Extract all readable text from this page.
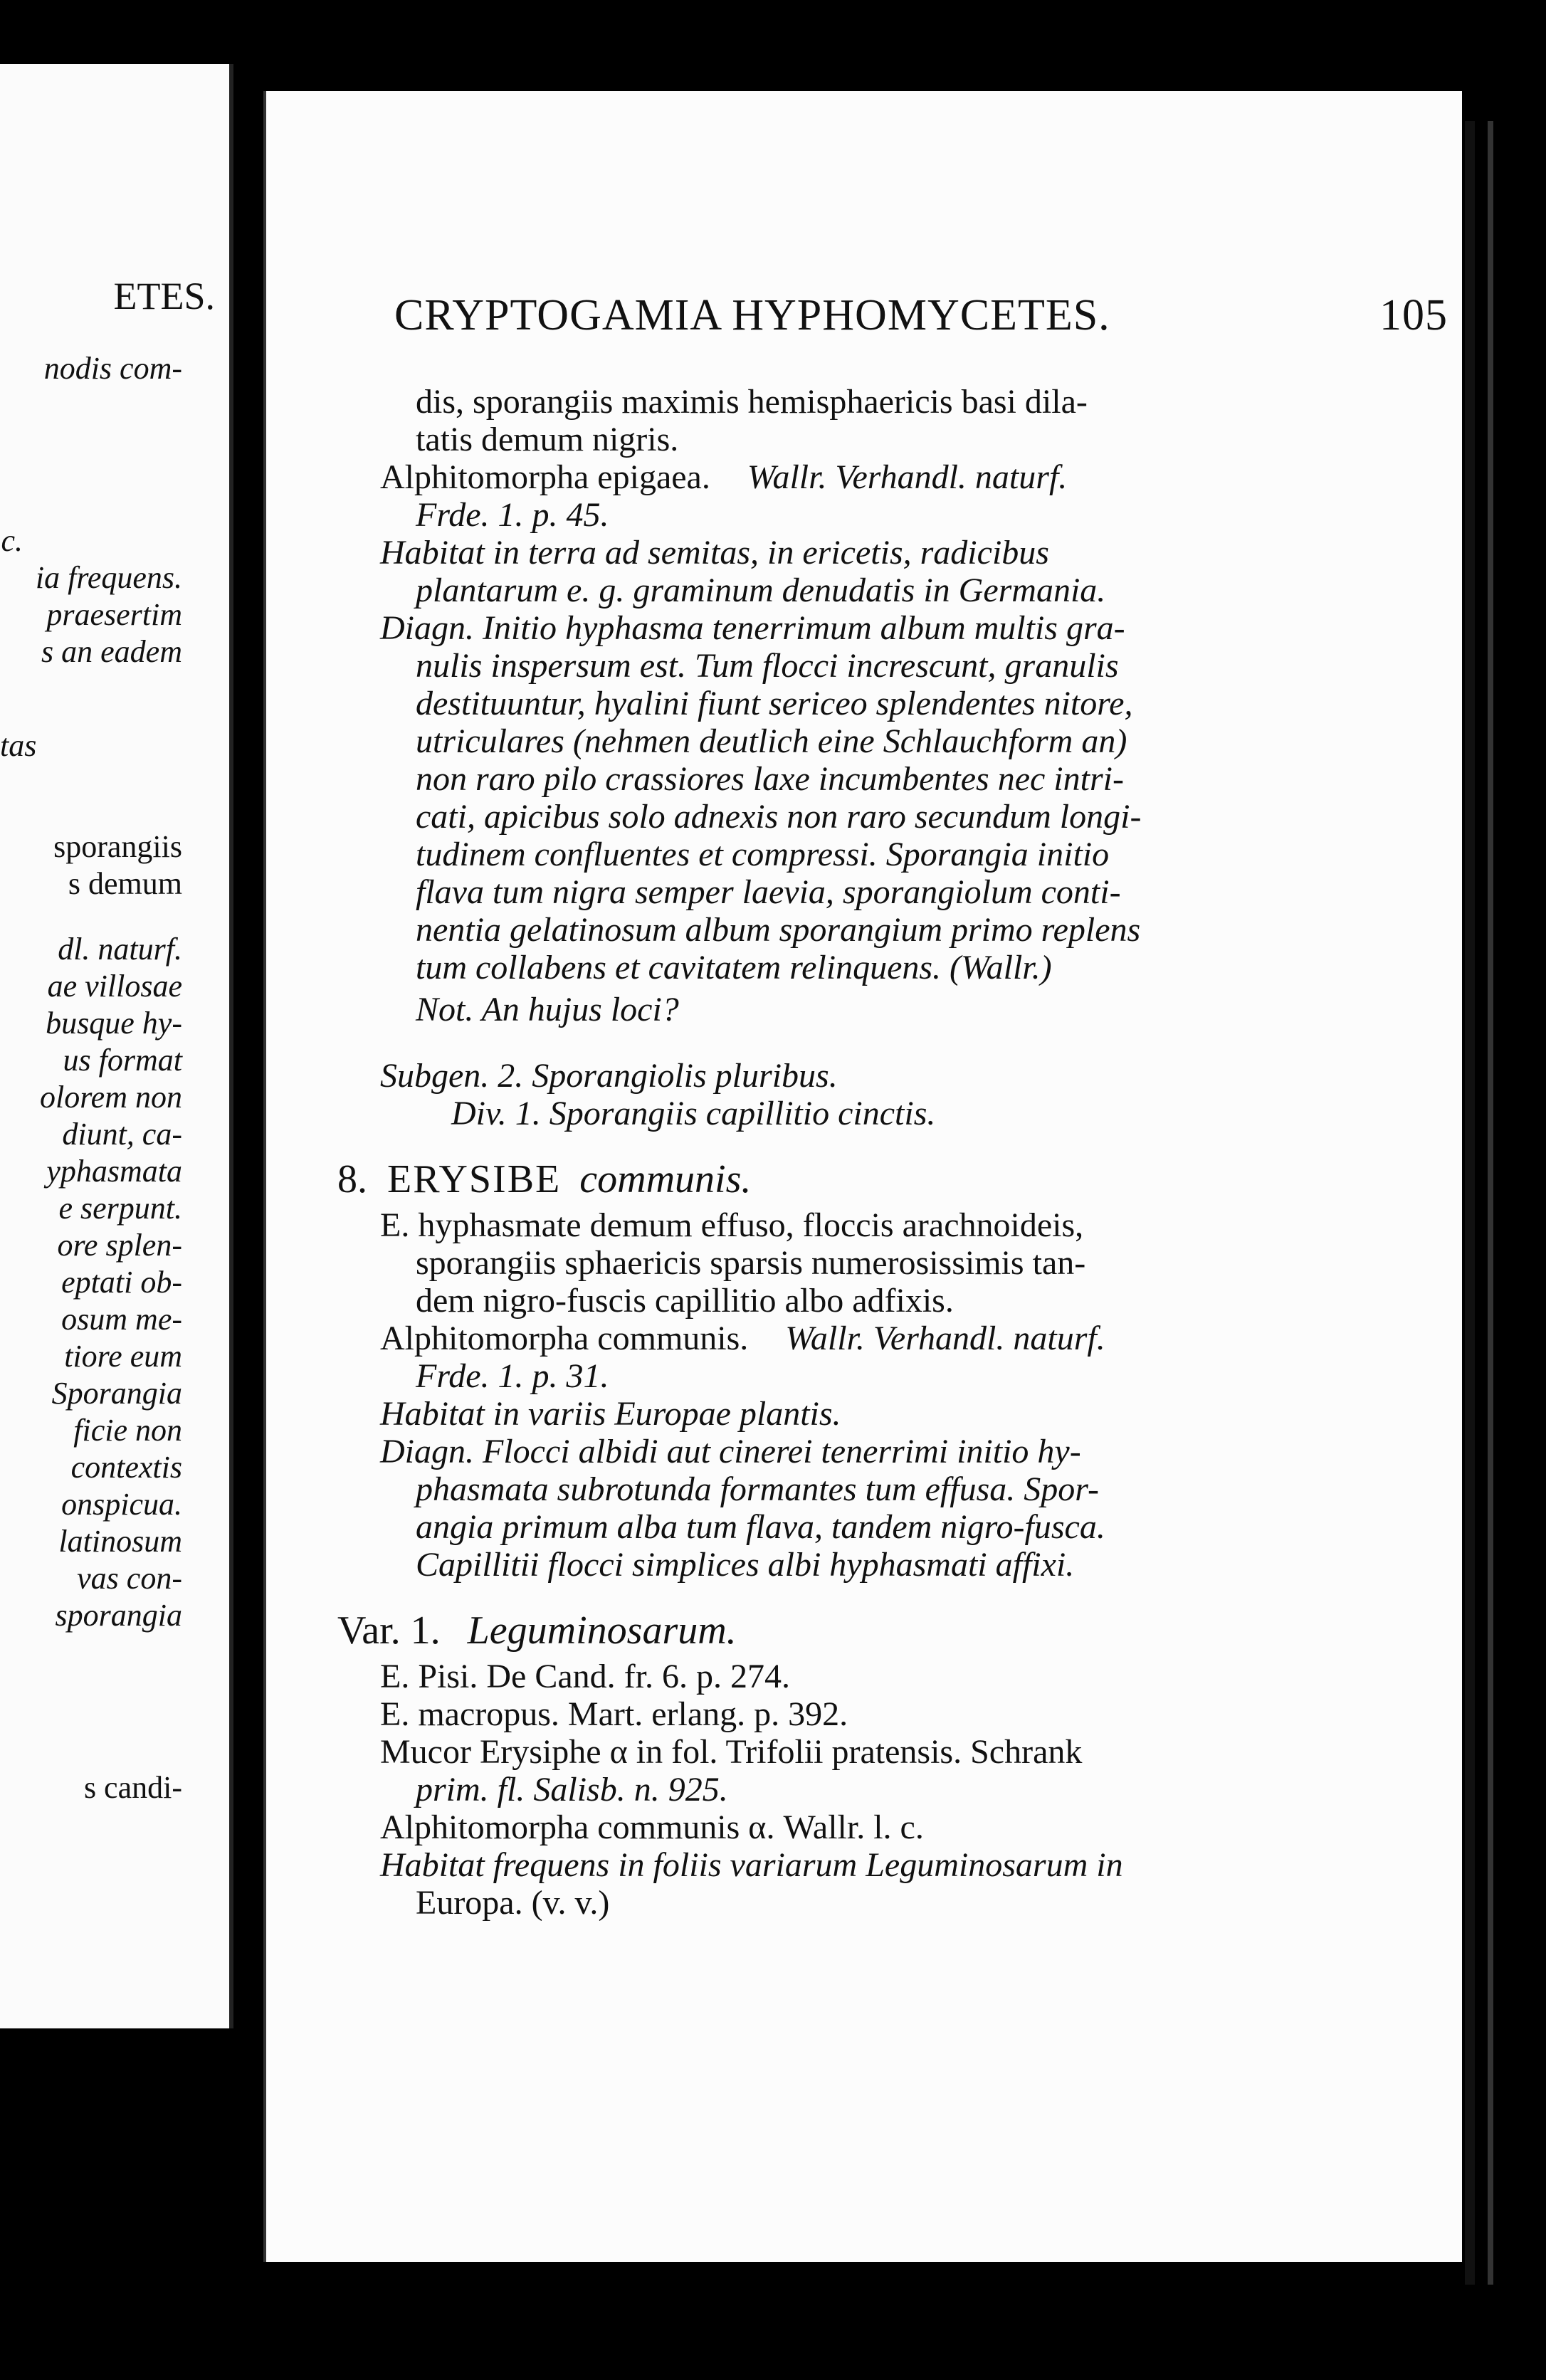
ETES.
nodis com-
c.
ia frequens.
praesertim
s an eadem
tas
sporangiis
s demum
dl. naturf.
ae villosae
busque hy-
us format
olorem non
diunt, ca-
yphasmata
e serpunt.
ore splen-
eptati ob-
osum me-
tiore eum
Sporangia
ficie non
contextis
onspicua.
latinosum
vas con-
sporangia
s candi-
CRYPTOGAMIA HYPHOMYCETES.	105
dis, sporangiis maximis hemisphaericis basi dila-
tatis demum nigris.
Alphitomorpha epigaea. Wallr. Verhandl. naturf.
Frde. 1. p. 45.
Habitat in terra ad semitas, in ericetis, radicibus
plantarum e. g. graminum denudatis in Germania.
Diagn. Initio hyphasma tenerrimum album multis gra-
nulis inspersum est. Tum flocci increscunt, granulis
destituuntur, hyalini fiunt sericeo splendentes nitore,
utriculares (nehmen deutlich eine Schlauchform an)
non raro pilo crassiores laxe incumbentes nec intri-
cati, apicibus solo adnexis non raro secundum longi-
tudinem confluentes et compressi. Sporangia initio
flava tum nigra semper laevia, sporangiolum conti-
nentia gelatinosum album sporangium primo replens
tum collabens et cavitatem relinquens. (Wallr.)
Not. An hujus loci?
Subgen. 2. Sporangiolis pluribus.
Div. 1. Sporangiis capillitio cinctis.
8. ERYSIBE communis.
E. hyphasmate demum effuso, floccis arachnoideis,
sporangiis sphaericis sparsis numerosissimis tan-
dem nigro-fuscis capillitio albo adfixis.
Alphitomorpha communis. Wallr. Verhandl. naturf.
Frde. 1. p. 31.
Habitat in variis Europae plantis.
Diagn. Flocci albidi aut cinerei tenerrimi initio hy-
phasmata subrotunda formantes tum effusa. Spor-
angia primum alba tum flava, tandem nigro-fusca.
Capillitii flocci simplices albi hyphasmati affixi.
Var. 1. Leguminosarum.
E. Pisi. De Cand. fr. 6. p. 274.
E. macropus. Mart. erlang. p. 392.
Mucor Erysiphe α in fol. Trifolii pratensis. Schrank
prim. fl. Salisb. n. 925.
Alphitomorpha communis α. Wallr. l. c.
Habitat frequens in foliis variarum Leguminosarum in
Europa. (v. v.)
